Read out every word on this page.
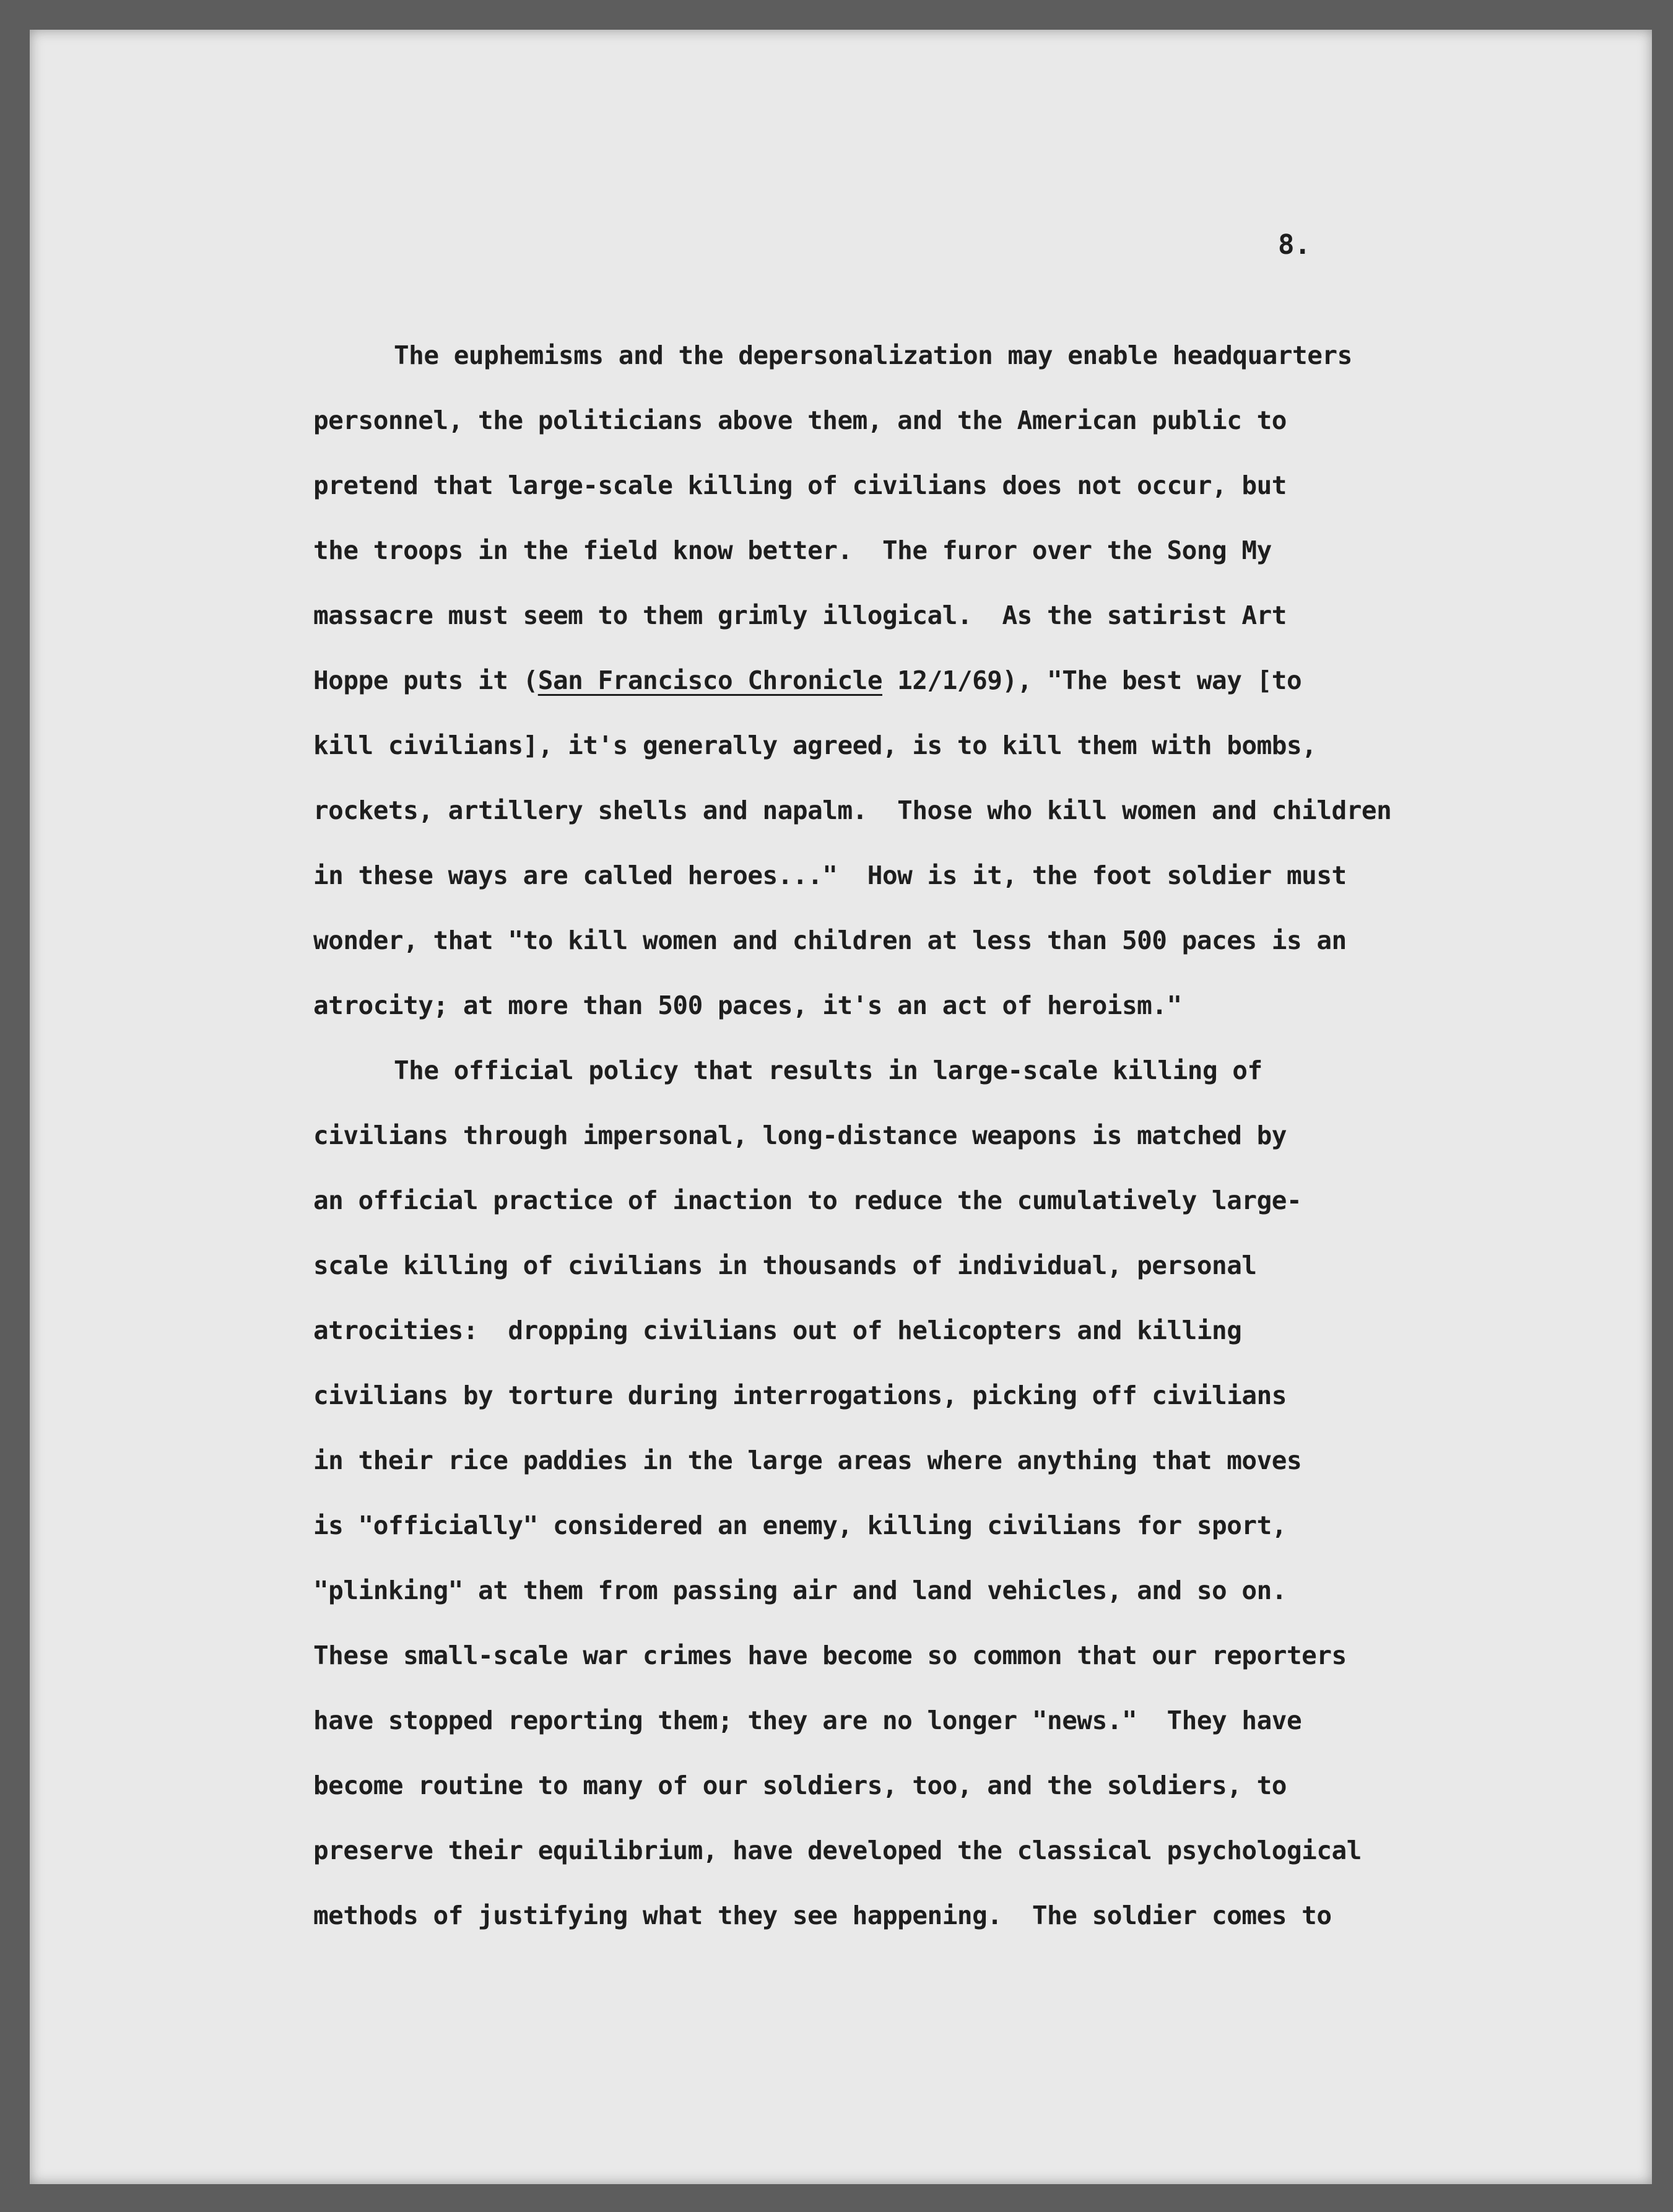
8.

The euphemisms and the depersonalization may enable headquarters
personnel, the politicians above them, and the American public to
pretend that large-scale killing of civilians does not occur, but
the troops in the field know better.  The furor over the Song My
massacre must seem to them grimly illogical.  As the satirist Art
Hoppe puts it (San Francisco Chronicle 12/1/69), "The best way [to
kill civilians], it's generally agreed, is to kill them with bombs,
rockets, artillery shells and napalm.  Those who kill women and children
in these ways are called heroes..."  How is it, the foot soldier must
wonder, that "to kill women and children at less than 500 paces is an
atrocity; at more than 500 paces, it's an act of heroism."
The official policy that results in large-scale killing of
civilians through impersonal, long-distance weapons is matched by
an official practice of inaction to reduce the cumulatively large-
scale killing of civilians in thousands of individual, personal
atrocities:  dropping civilians out of helicopters and killing
civilians by torture during interrogations, picking off civilians
in their rice paddies in the large areas where anything that moves
is "officially" considered an enemy, killing civilians for sport,
"plinking" at them from passing air and land vehicles, and so on.
These small-scale war crimes have become so common that our reporters
have stopped reporting them; they are no longer "news."  They have
become routine to many of our soldiers, too, and the soldiers, to
preserve their equilibrium, have developed the classical psychological
methods of justifying what they see happening.  The soldier comes to
